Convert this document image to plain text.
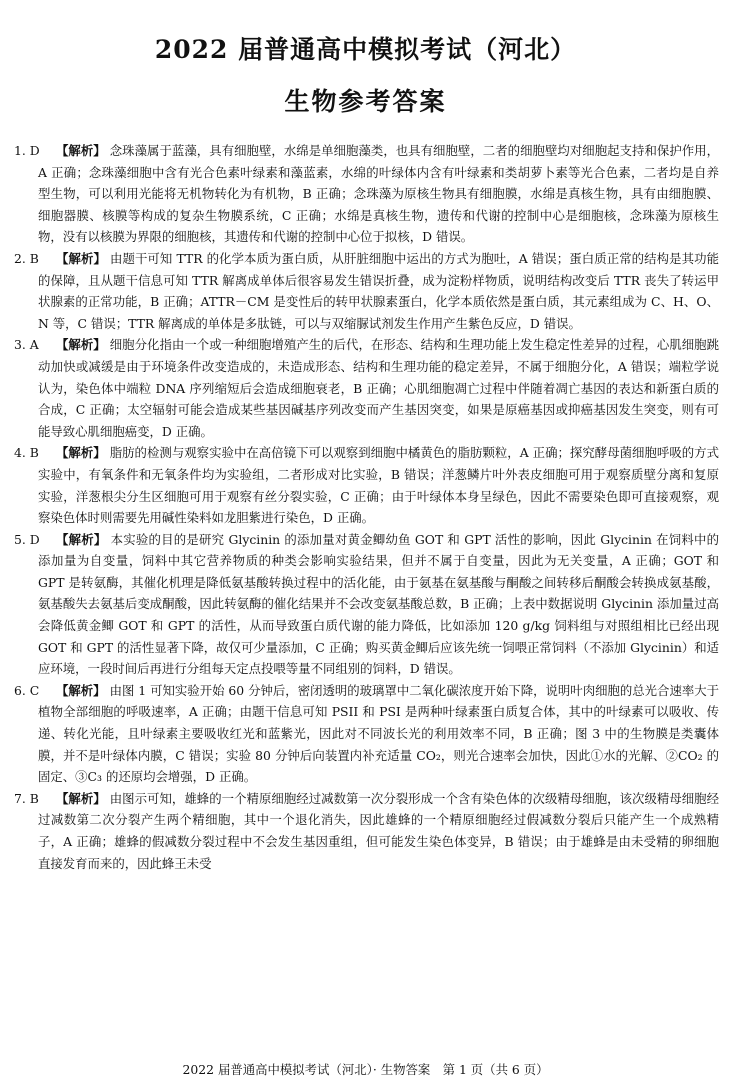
2022 届普通高中模拟考试（河北）
生物参考答案
1. D 【解析】 念珠藻属于蓝藻，具有细胞壁，水绵是单细胞藻类，也具有细胞壁，二者的细胞壁均对细胞起支持和保护作用，A 正确；念珠藻细胞中含有光合色素叶绿素和藻蓝素，水绵的叶绿体内含有叶绿素和类胡萝卜素等光合色素，二者均是自养型生物，可以利用光能将无机物转化为有机物，B 正确；念珠藻为原核生物具有细胞膜，水绵是真核生物，具有由细胞膜、细胞器膜、核膜等构成的复杂生物膜系统，C 正确；水绵是真核生物，遗传和代谢的控制中心是细胞核，念珠藻为原核生物，没有以核膜为界限的细胞核，其遗传和代谢的控制中心位于拟核，D 错误。
2. B 【解析】 由题干可知 TTR 的化学本质为蛋白质，从肝脏细胞中运出的方式为胞吐，A 错误；蛋白质正常的结构是其功能的保障，且从题干信息可知 TTR 解离成单体后很容易发生错误折叠，成为淀粉样物质，说明结构改变后 TTR 丧失了转运甲状腺素的正常功能，B 正确；ATTR－CM 是变性后的转甲状腺素蛋白，化学本质依然是蛋白质，其元素组成为 C、H、O、N 等，C 错误；TTR 解离成的单体是多肽链，可以与双缩脲试剂发生作用产生紫色反应，D 错误。
3. A 【解析】 细胞分化指由一个或一种细胞增殖产生的后代，在形态、结构和生理功能上发生稳定性差异的过程，心肌细胞跳动加快或减缓是由于环境条件改变造成的，未造成形态、结构和生理功能的稳定差异，不属于细胞分化，A 错误；端粒学说认为，染色体中端粒 DNA 序列缩短后会造成细胞衰老，B 正确；心肌细胞凋亡过程中伴随着凋亡基因的表达和新蛋白质的合成，C 正确；太空辐射可能会造成某些基因碱基序列改变而产生基因突变，如果是原癌基因或抑癌基因发生突变，则有可能导致心肌细胞癌变，D 正确。
4. B 【解析】 脂肪的检测与观察实验中在高倍镜下可以观察到细胞中橘黄色的脂肪颗粒，A 正确；探究酵母菌细胞呼吸的方式实验中，有氧条件和无氧条件均为实验组，二者形成对比实验，B 错误；洋葱鳞片叶外表皮细胞可用于观察质壁分离和复原实验，洋葱根尖分生区细胞可用于观察有丝分裂实验，C 正确；由于叶绿体本身呈绿色，因此不需要染色即可直接观察，观察染色体时则需要先用碱性染料如龙胆紫进行染色，D 正确。
5. D 【解析】 本实验的目的是研究 Glycinin 的添加量对黄金鲫幼鱼 GOT 和 GPT 活性的影响，因此 Glycinin 在饲料中的添加量为自变量，饲料中其它营养物质的种类会影响实验结果，但并不属于自变量，因此为无关变量，A 正确；GOT 和 GPT 是转氨酶，其催化机理是降低氨基酸转换过程中的活化能，由于氨基在氨基酸与酮酸之间转移后酮酸会转换成氨基酸，氨基酸失去氨基后变成酮酸，因此转氨酶的催化结果并不会改变氨基酸总数，B 正确；上表中数据说明 Glycinin 添加量过高会降低黄金鲫 GOT 和 GPT 的活性，从而导致蛋白质代谢的能力降低，比如添加 120 g/kg 饲料组与对照组相比已经出现 GOT 和 GPT 的活性显著下降，故仅可少量添加，C 正确；购买黄金鲫后应该先统一饲喂正常饲料（不添加 Glycinin）和适应环境，一段时间后再进行分组每天定点投喂等量不同组别的饲料，D 错误。
6. C 【解析】 由图 1 可知实验开始 60 分钟后，密闭透明的玻璃罩中二氧化碳浓度开始下降，说明叶肉细胞的总光合速率大于植物全部细胞的呼吸速率，A 正确；由题干信息可知 PSII 和 PSI 是两种叶绿素蛋白质复合体，其中的叶绿素可以吸收、传递、转化光能，且叶绿素主要吸收红光和蓝紫光，因此对不同波长光的利用效率不同，B 正确；图 3 中的生物膜是类囊体膜，并不是叶绿体内膜，C 错误；实验 80 分钟后向装置内补充适量 CO₂，则光合速率会加快，因此①水的光解、②CO₂ 的固定、③C₃ 的还原均会增强，D 正确。
7. B 【解析】 由图示可知，雄蜂的一个精原细胞经过减数第一次分裂形成一个含有染色体的次级精母细胞，该次级精母细胞经过减数第二次分裂产生两个精细胞，其中一个退化消失，因此雄蜂的一个精原细胞经过假减数分裂后只能产生一个成熟精子，A 正确；雄蜂的假减数分裂过程中不会发生基因重组，但可能发生染色体变异，B 错误；由于雄蜂是由未受精的卵细胞直接发育而来的，因此蜂王未受
2022 届普通高中模拟考试（河北）· 生物答案　第 1 页（共 6 页）
